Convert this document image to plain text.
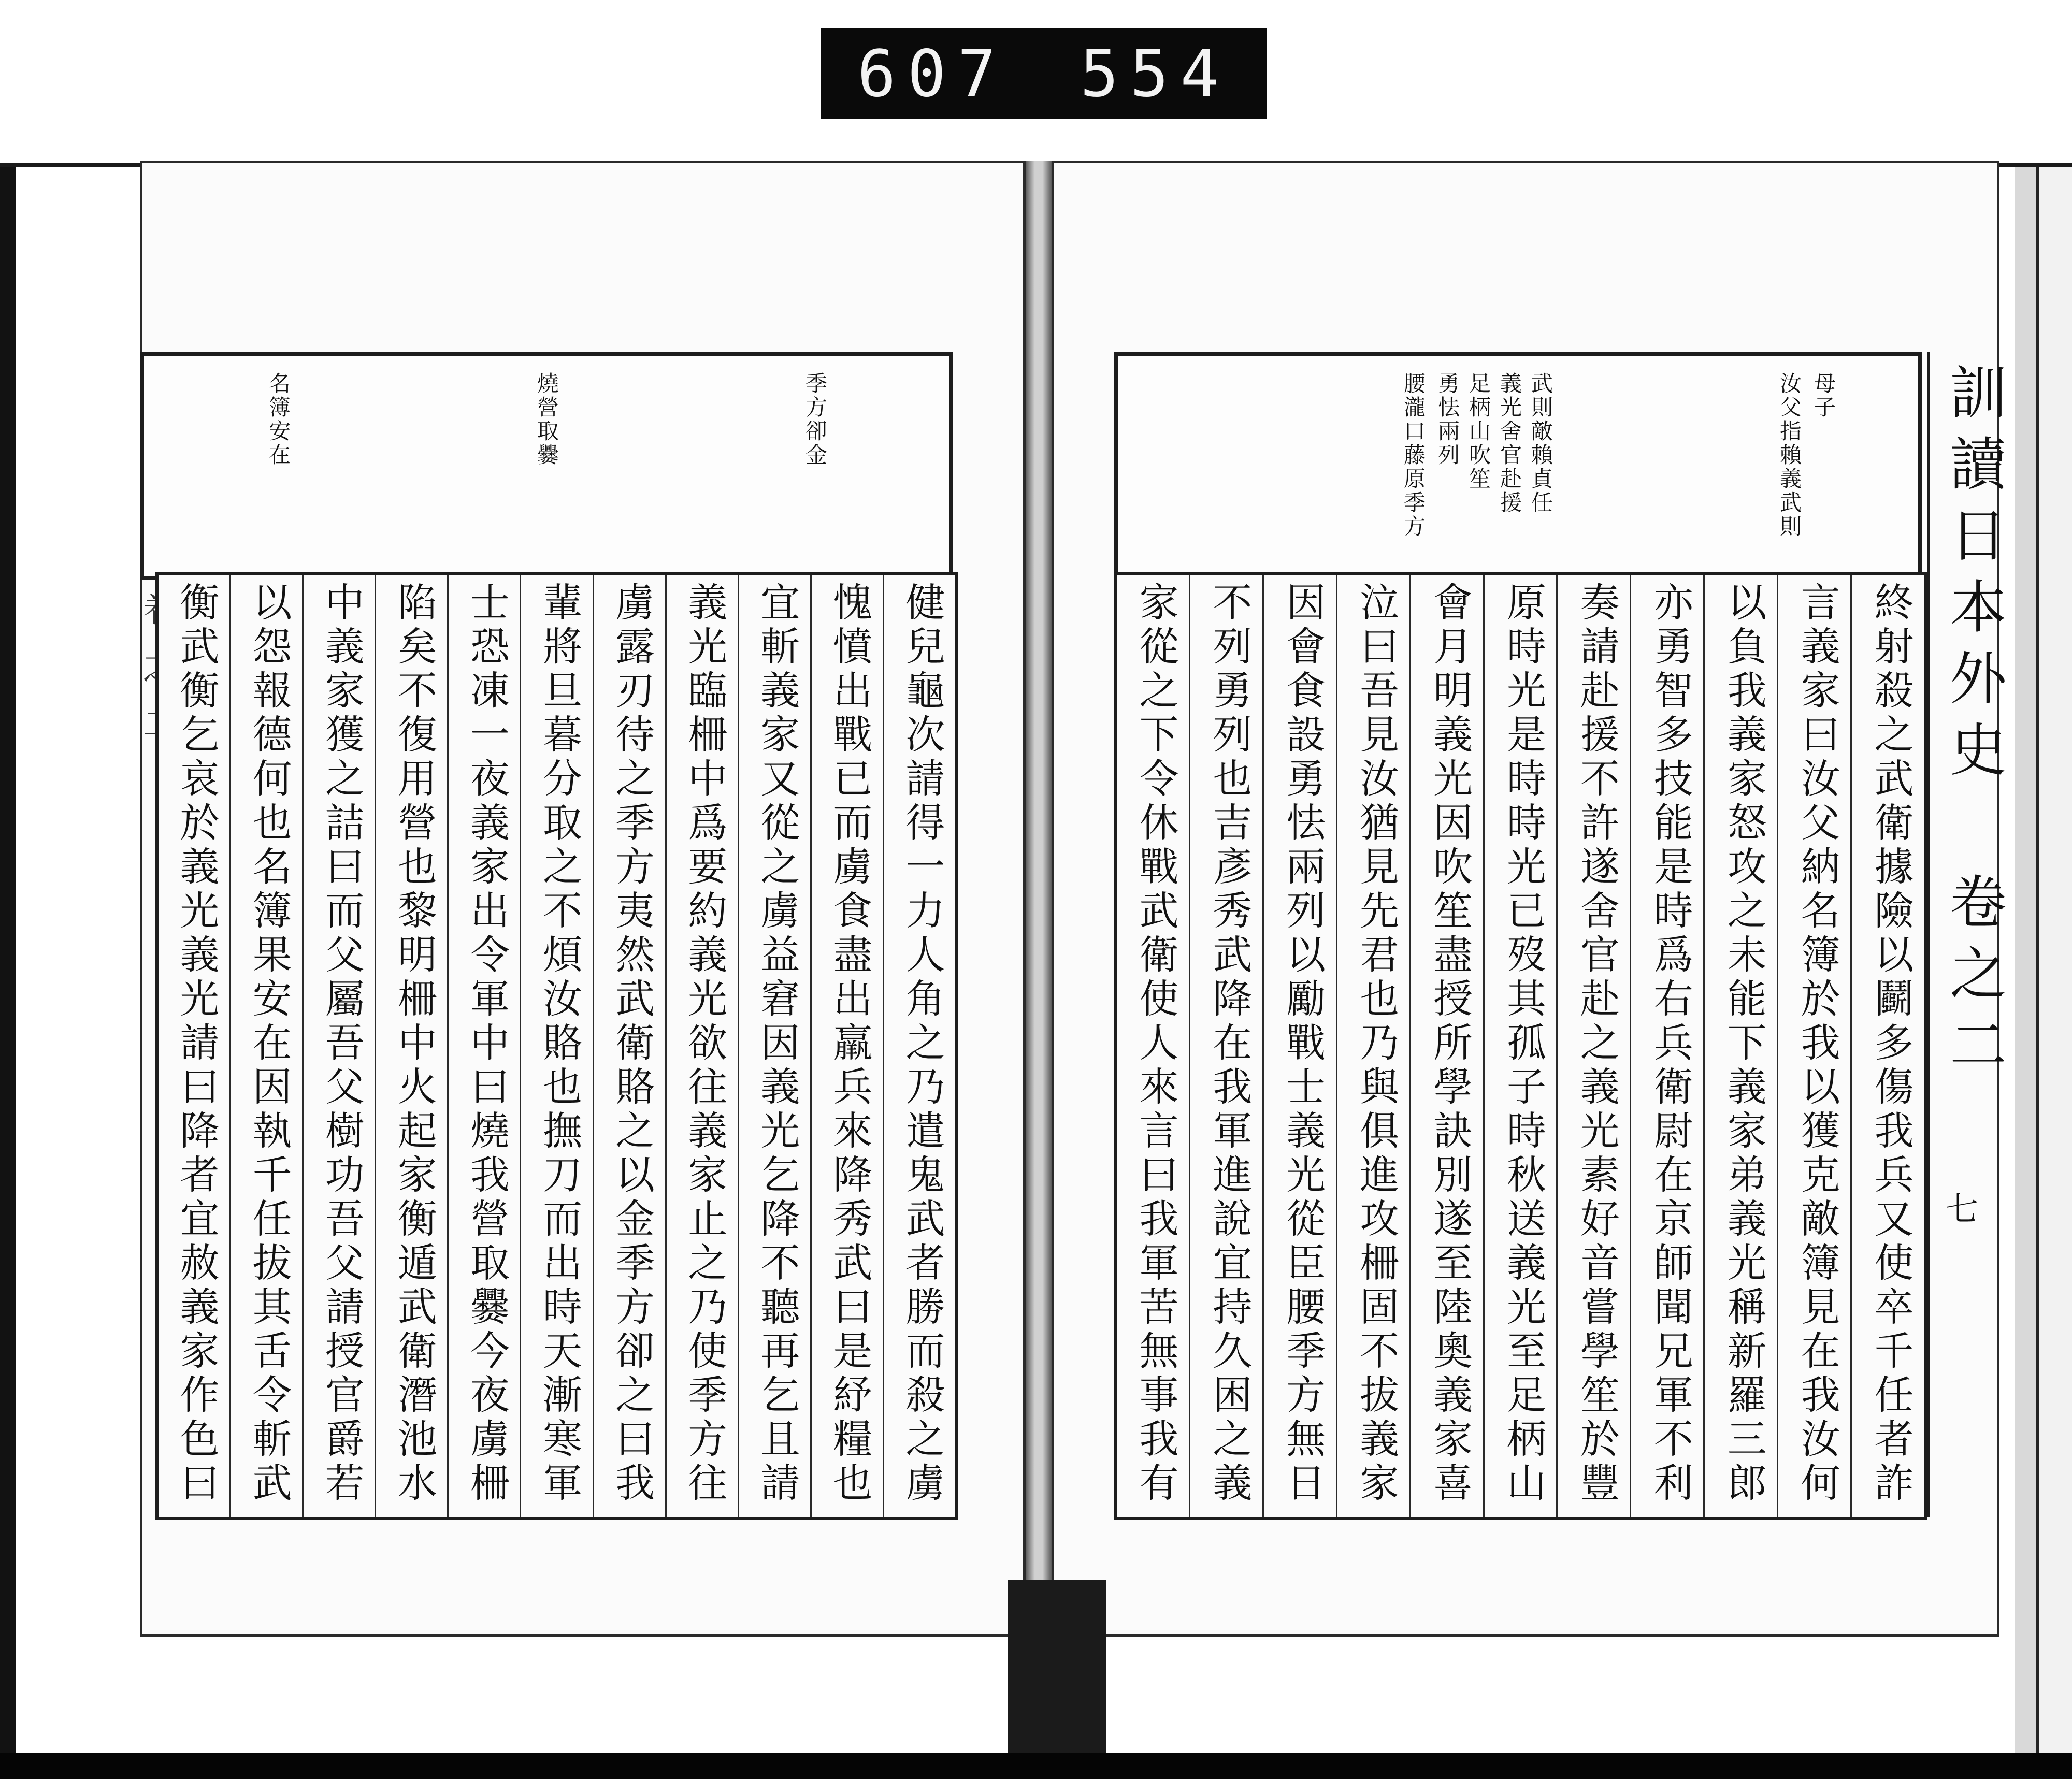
607 554
訓讀日本外史 卷之二
七
季方卻金
燒營取爨
名簿安在	母子
汝父指賴義武則
武則敵賴貞任
義光舍官赴援
足柄山吹笙
勇怯兩列
腰瀧口藤原季方
終射殺之武衛據險以鬬多傷我兵又使卒千任者詐
言義家曰汝父納名簿於我以獲克敵簿見在我汝何
以負我義家怒攻之未能下義家弟義光稱新羅三郎
亦勇智多技能是時爲右兵衛尉在京師聞兄軍不利
奏請赴援不許遂舍官赴之義光素好音嘗學笙於豐
原時光是時時光已歿其孤子時秋送義光至足柄山
會月明義光因吹笙盡授所學訣別遂至陸奧義家喜
泣曰吾見汝猶見先君也乃與俱進攻柵固不拔義家
因會食設勇怯兩列以勵戰士義光從臣腰季方無日
不列勇列也吉彥秀武降在我軍進說宜持久困之義
家從之下令休戰武衛使人來言曰我軍苦無事我有
健兒龜次請得一力人角之乃遣鬼武者勝而殺之虜
愧憤出戰已而虜食盡出羸兵來降秀武曰是紓糧也
宜斬義家又從之虜益窘因義光乞降不聽再乞且請
義光臨柵中爲要約義光欲往義家止之乃使季方往
虜露刃待之季方夷然武衛賂之以金季方卻之曰我
輩將旦暮分取之不煩汝賂也撫刀而出時天漸寒軍
士恐凍一夜義家出令軍中曰燒我營取爨今夜虜柵
陷矣不復用營也黎明柵中火起家衡遁武衛潛池水
中義家獲之詰曰而父屬吾父樹功吾父請授官爵若
以怨報德何也名簿果安在因執千任拔其舌令斬武
衡武衡乞哀於義光義光請曰降者宜赦義家作色曰
